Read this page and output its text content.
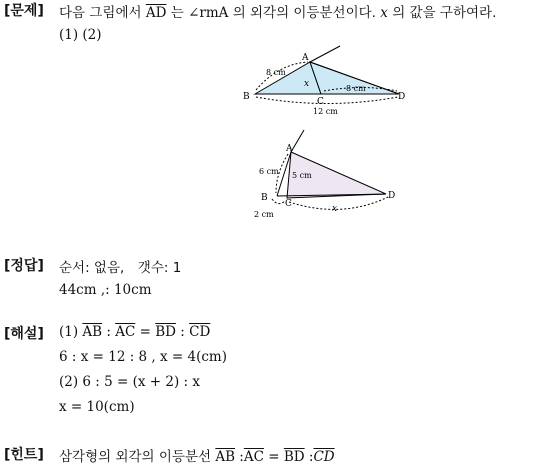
[문제] 다음 그림에서 $\overline{AD}$ 는 ∠rmA 의 외각의 이등분선이다. x 의 값을 구하여라.
(1) (2)
A
B	C	D
x
8 cm
8 cm
12 cm
A
B
C
D
x
6 cm 5 cm
2 cm
[정답] 순서: 없음,　갯수: 1
44cm ,: 10cm
[해설] (1) $\overline{AB}$ : $\overline{AC} = \overline{BD}$ : $\overline{CD}$
6 : x = 12 : 8 , x = 4(cm)
(2) 6 : 5 = (x + 2) : x
x = 10(cm)
[힌트] 삼각형의 외각의 이등분선 $\overline{AB}$ $:\overline{AC} = \overline{BD}$ $:\overline{CD}$
